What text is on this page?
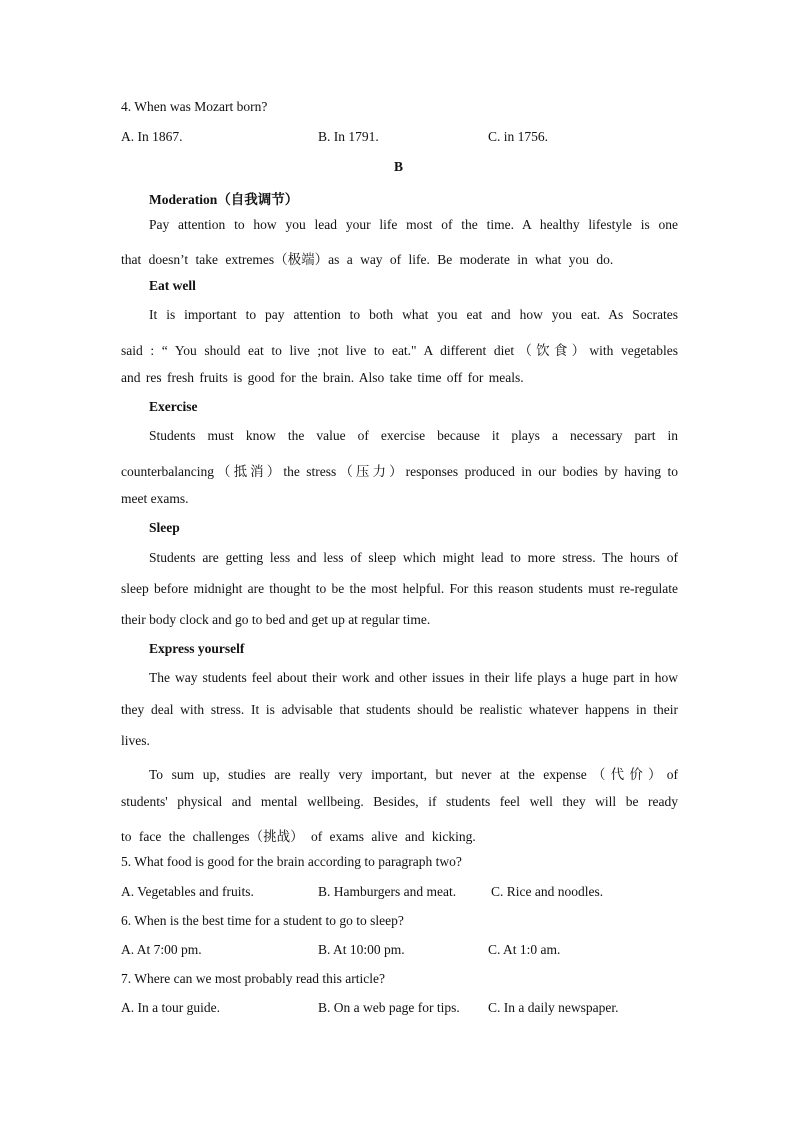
4. When was Mozart born?
A. In 1867.	B. In 1791.	C. in 1756.
B
Moderation（自我调节）
Pay attention to how you lead your life most of the time. A healthy lifestyle is one
that doesn’t take extremes（极端）as a way of life. Be moderate in what you do.
Eat well
It is important to pay attention to both what you eat and how you eat. As Socrates
said : “ You should eat to live ;not live to eat." A different diet（饮食）with vegetables
and res fresh fruits is good for the brain. Also take time off for meals.
Exercise
Students must know the value of exercise because it plays a necessary part in
counterbalancing（抵消）the stress（压力）responses produced in our bodies by having to
meet exams.
Sleep
Students are getting less and less of sleep which might lead to more stress. The hours of
sleep before midnight are thought to be the most helpful. For this reason students must re-regulate
their body clock and go to bed and get up at regular time.
Express yourself
The way students feel about their work and other issues in their life plays a huge part in how
they deal with stress. It is advisable that students should be realistic whatever happens in their
lives.
To sum up, studies are really very important, but never at the expense（代价）of
students' physical and mental wellbeing. Besides, if students feel well they will be ready
to face the challenges（挑战） of exams alive and kicking.
5. What food is good for the brain according to paragraph two?
A. Vegetables and fruits.	B. Hamburgers and meat.	C. Rice and noodles.
6. When is the best time for a student to go to sleep?
A. At 7:00 pm.	B. At 10:00 pm.	C. At 1:0 am.
7. Where can we most probably read this article?
A. In a tour guide.	B. On a web page for tips. C. In a daily newspaper.
